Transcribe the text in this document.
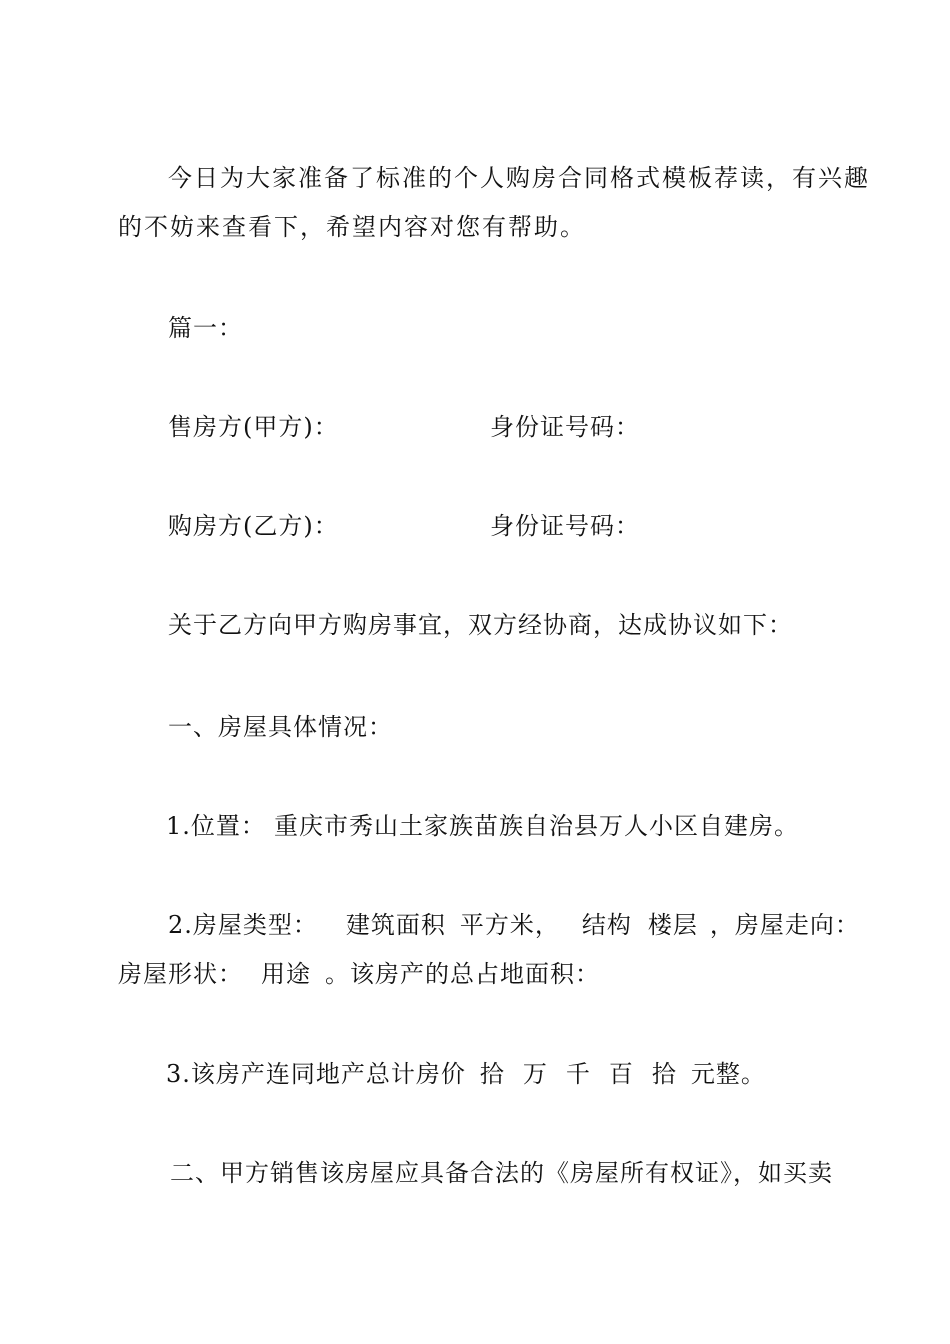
今日为大家准备了标准的个人购房合同格式模板荐读，有兴趣
的不妨来查看下，希望内容对您有帮助。
篇一：
售房方(甲方)：	身份证号码：
购房方(乙方)：	身份证号码：
关于乙方向甲方购房事宜，双方经协商，达成协议如下：
一、房屋具体情况：
1.位置： 重庆市秀山土家族苗族自治县万人小区自建房。
2.房屋类型： 建筑面积 平方米， 结构 楼层 ，房屋走向：
房屋形状： 用途 。该房产的总占地面积：
3.该房产连同地产总计房价 拾 万 千 百 拾 元整。
二、甲方销售该房屋应具备合法的《房屋所有权证》，如买卖
